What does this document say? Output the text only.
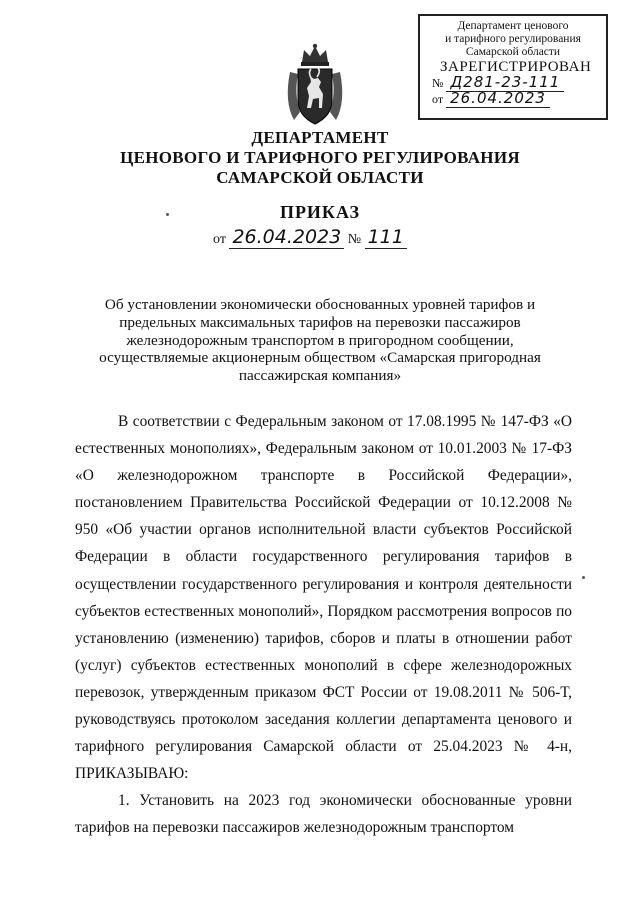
Департамент ценового
и тарифного регулирования
Самарской области
ЗАРЕГИСТРИРОВАН
№ Д281-23-111
от 26.04.2023
ДЕПАРТАМЕНТ
ЦЕНОВОГО И ТАРИФНОГО РЕГУЛИРОВАНИЯ
САМАРСКОЙ ОБЛАСТИ
ПРИКАЗ
от 26.04.2023 № 111
Об установлении экономически обоснованных уровней тарифов и предельных максимальных тарифов на перевозки пассажиров железнодорожным транспортом в пригородном сообщении, осуществляемые акционерным обществом «Самарская пригородная пассажирская компания»

В соответствии с Федеральным законом от 17.08.1995 № 147-ФЗ «О естественных монополиях», Федеральным законом от 10.01.2003 № 17-ФЗ «О железнодорожном транспорте в Российской Федерации», постановлением Правительства Российской Федерации от 10.12.2008 № 950 «Об участии органов исполнительной власти субъектов Российской Федерации в области государственного регулирования тарифов в осуществлении государственного регулирования и контроля деятельности субъектов естественных монополий», Порядком рассмотрения вопросов по установлению (изменению) тарифов, сборов и платы в отношении работ (услуг) субъектов естественных монополий в сфере железнодорожных перевозок, утвержденным приказом ФСТ России от 19.08.2011 № 506-Т, руководствуясь протоколом заседания коллегии департамента ценового и тарифного регулирования Самарской области от 25.04.2023 № 4-н, ПРИКАЗЫВАЮ:

1. Установить на 2023 год экономически обоснованные уровни тарифов на перевозки пассажиров железнодорожным транспортом
